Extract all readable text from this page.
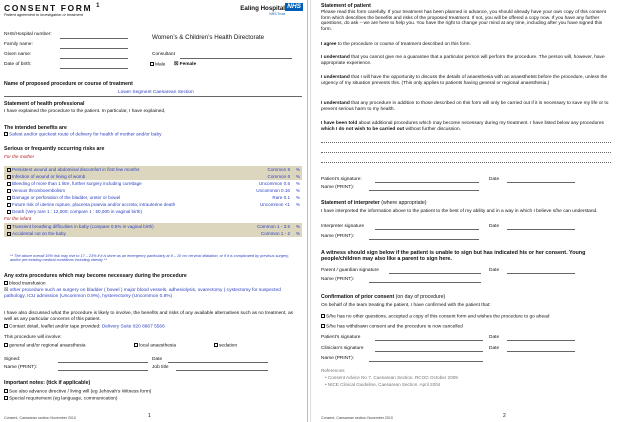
CONSENT FORM $^1$
Patient agreement to investigation or treatment
Ealing Hospital NHS
NHS Trust
NHS/Hospital number:
Family name:
Given name:
Date of birth:
Women’s & Children’s Health Directorate
Consultant
Male ☒ Female
Name of proposed procedure or course of treatment
Lower Segment Caesarean Section
Statement of health professional
I have explained the procedure to the patient. In particular, I have explained,
The intended benefits are
Safest and/or quickest route of delivery for health of mother and/or baby
Serious or frequently occurring risks are
For the mother
Persistent wound and abdominal discomfort in first few months	Common 9 %
Infection of wound or lining of womb	Common 6 %
Bleeding of more than 1 litre, further surgery including curettage	Uncommon 0.5 %
Venous thromboembolism	Uncommon 0.16 %
Damage or perforation of the bladder, ureter or bowel	Rare 0.1 %
Future risk of uterine rupture, placenta praevia and/or accreta; intrauterine death	Uncommon <1 %
Death (Very rare 1 : 12,000; compare 1 : 50,000 in vaginal birth)
For the infant
Transient breathing difficulties in baby (compare 0.5% in vaginal birth)	Common 1 - 3.5 %
Accidental cut on the baby	Common 1 - 2 %
** The above overall 16% risk may rise to 17 – 23% if it is done as an emergency particularly at 9 – 10 cm cervical dilatation, or if it is complicated by previous surgery, and/or pre-existing medical conditions including obesity **
Any extra procedures which may become necessary during the procedure
blood transfusion
☒ other procedure such as surgery on bladder ( bowel ) major blood vessels, adhesiolysis, ovarectomy ) cystectomy for suspected pathology, ICU admission (Uncommon 0.9%), hysterectomy (Uncommon 0.8%)
I have also discussed what the procedure is likely to involve, the benefits and risks of any available alternatives such as no treatment, as well as any particular concerns of this patient.
Contact detail, leaflet and/or tape provided: Delivery Suite 020 8967 5566
This procedure will involve:
general and/or regional anaesthesia	local anaesthesia	sedation
Signed:	Date
Name (PRINT):	Job title
Important notes: (tick if applicable)
See also advance directive / living will (eg Jehovah’s Witness form)
Special requirement (eg language, communication)
Consent, Caesarean section November 2010	1
Statement of patient
Please read this form carefully. If your treatment has been planned in advance, you should already have your own copy of this consent form which describes the benefits and risks of the proposed treatment. If not, you will be offered a copy now. If you have any further questions, do ask – we are here to help you. You have the right to change your mind at any time, including after you have signed this form.
I agree to the procedure or course of treatment described on this form.
I understand that you cannot give me a guarantee that a particular person will perform the procedure. The person will, however, have appropriate experience.
I understand that I will have the opportunity to discuss the details of anaesthesia with an anaesthetist before the procedure, unless the urgency of my situation prevents this. (This only applies to patients having general or regional anaesthesia.)
I understand that any procedure in addition to those described on this form will only be carried out if it is necessary to save my life or to prevent serious harm to my health.
I have been told about additional procedures which may become necessary during my treatment. I have listed below any procedures which I do not wish to be carried out without further discussion.
Patient’s signature:	Date
Name (PRINT):
Statement of interpreter (where appropriate)
I have interpreted the information above to the patient to the best of my ability and in a way in which I believe s/he can understand.
Interpreter signature	Date
Name (PRINT):
A witness should sign below if the patient is unable to sign but has indicated his or her consent. Young people/children may also like a parent to sign here.
Parent / guardian signature	Date
Name (PRINT):
Confirmation of prior consent (on day of procedure)
On behalf of the team treating the patient, I have confirmed with the patient that:
S/he has no other questions, accepted a copy of this consent form and wishes the procedure to go ahead
S/he has withdrawn consent and the procedure is now cancelled
Patient’s signature	Date
Clinician’s signature	Date
Name (PRINT):
References
• Consent Advice No 7. Caesarean Section. RCOG October 2009
• NICE Clinical Guideline, Caesarean Section. April 2004
Consent, Caesarean section November 2010	2
